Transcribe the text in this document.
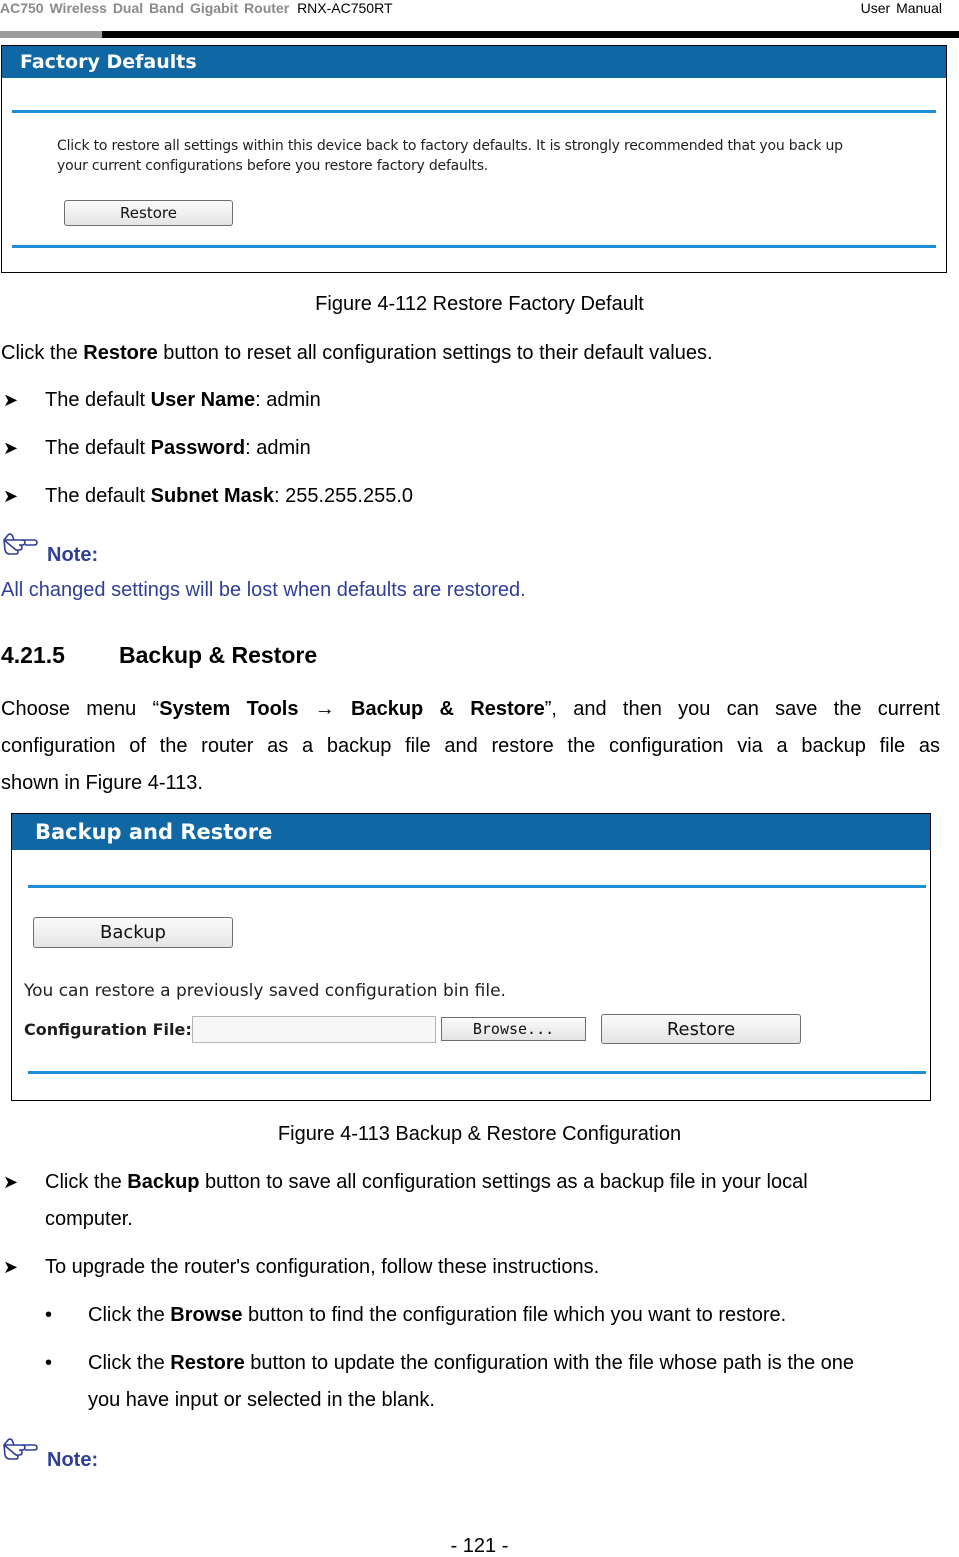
AC750 Wireless Dual Band Gigabit Router RNX-AC750RT	User Manual
Factory Defaults
Click to restore all settings within this device back to factory defaults. It is strongly recommended that you back up
your current configurations before you restore factory defaults.
Restore
Figure 4-112 Restore Factory Default
Click the Restore button to reset all configuration settings to their default values.
➤ The default User Name: admin
➤ The default Password: admin
➤ The default Subnet Mask: 255.255.255.0
Note:
All changed settings will be lost when defaults are restored.
4.21.5 Backup & Restore
Choose menu “System Tools → Backup & Restore”, and then you can save the current
configuration of the router as a backup file and restore the configuration via a backup file as
shown in Figure 4-113.
Backup and Restore
Backup
You can restore a previously saved configuration bin file.
Configuration File:	Browse...	Restore
Figure 4-113 Backup & Restore Configuration
➤ Click the Backup button to save all configuration settings as a backup file in your local
computer.
➤ To upgrade the router's configuration, follow these instructions.
• Click the Browse button to find the configuration file which you want to restore.
• Click the Restore button to update the configuration with the file whose path is the one
you have input or selected in the blank.
Note:
- 121 -
